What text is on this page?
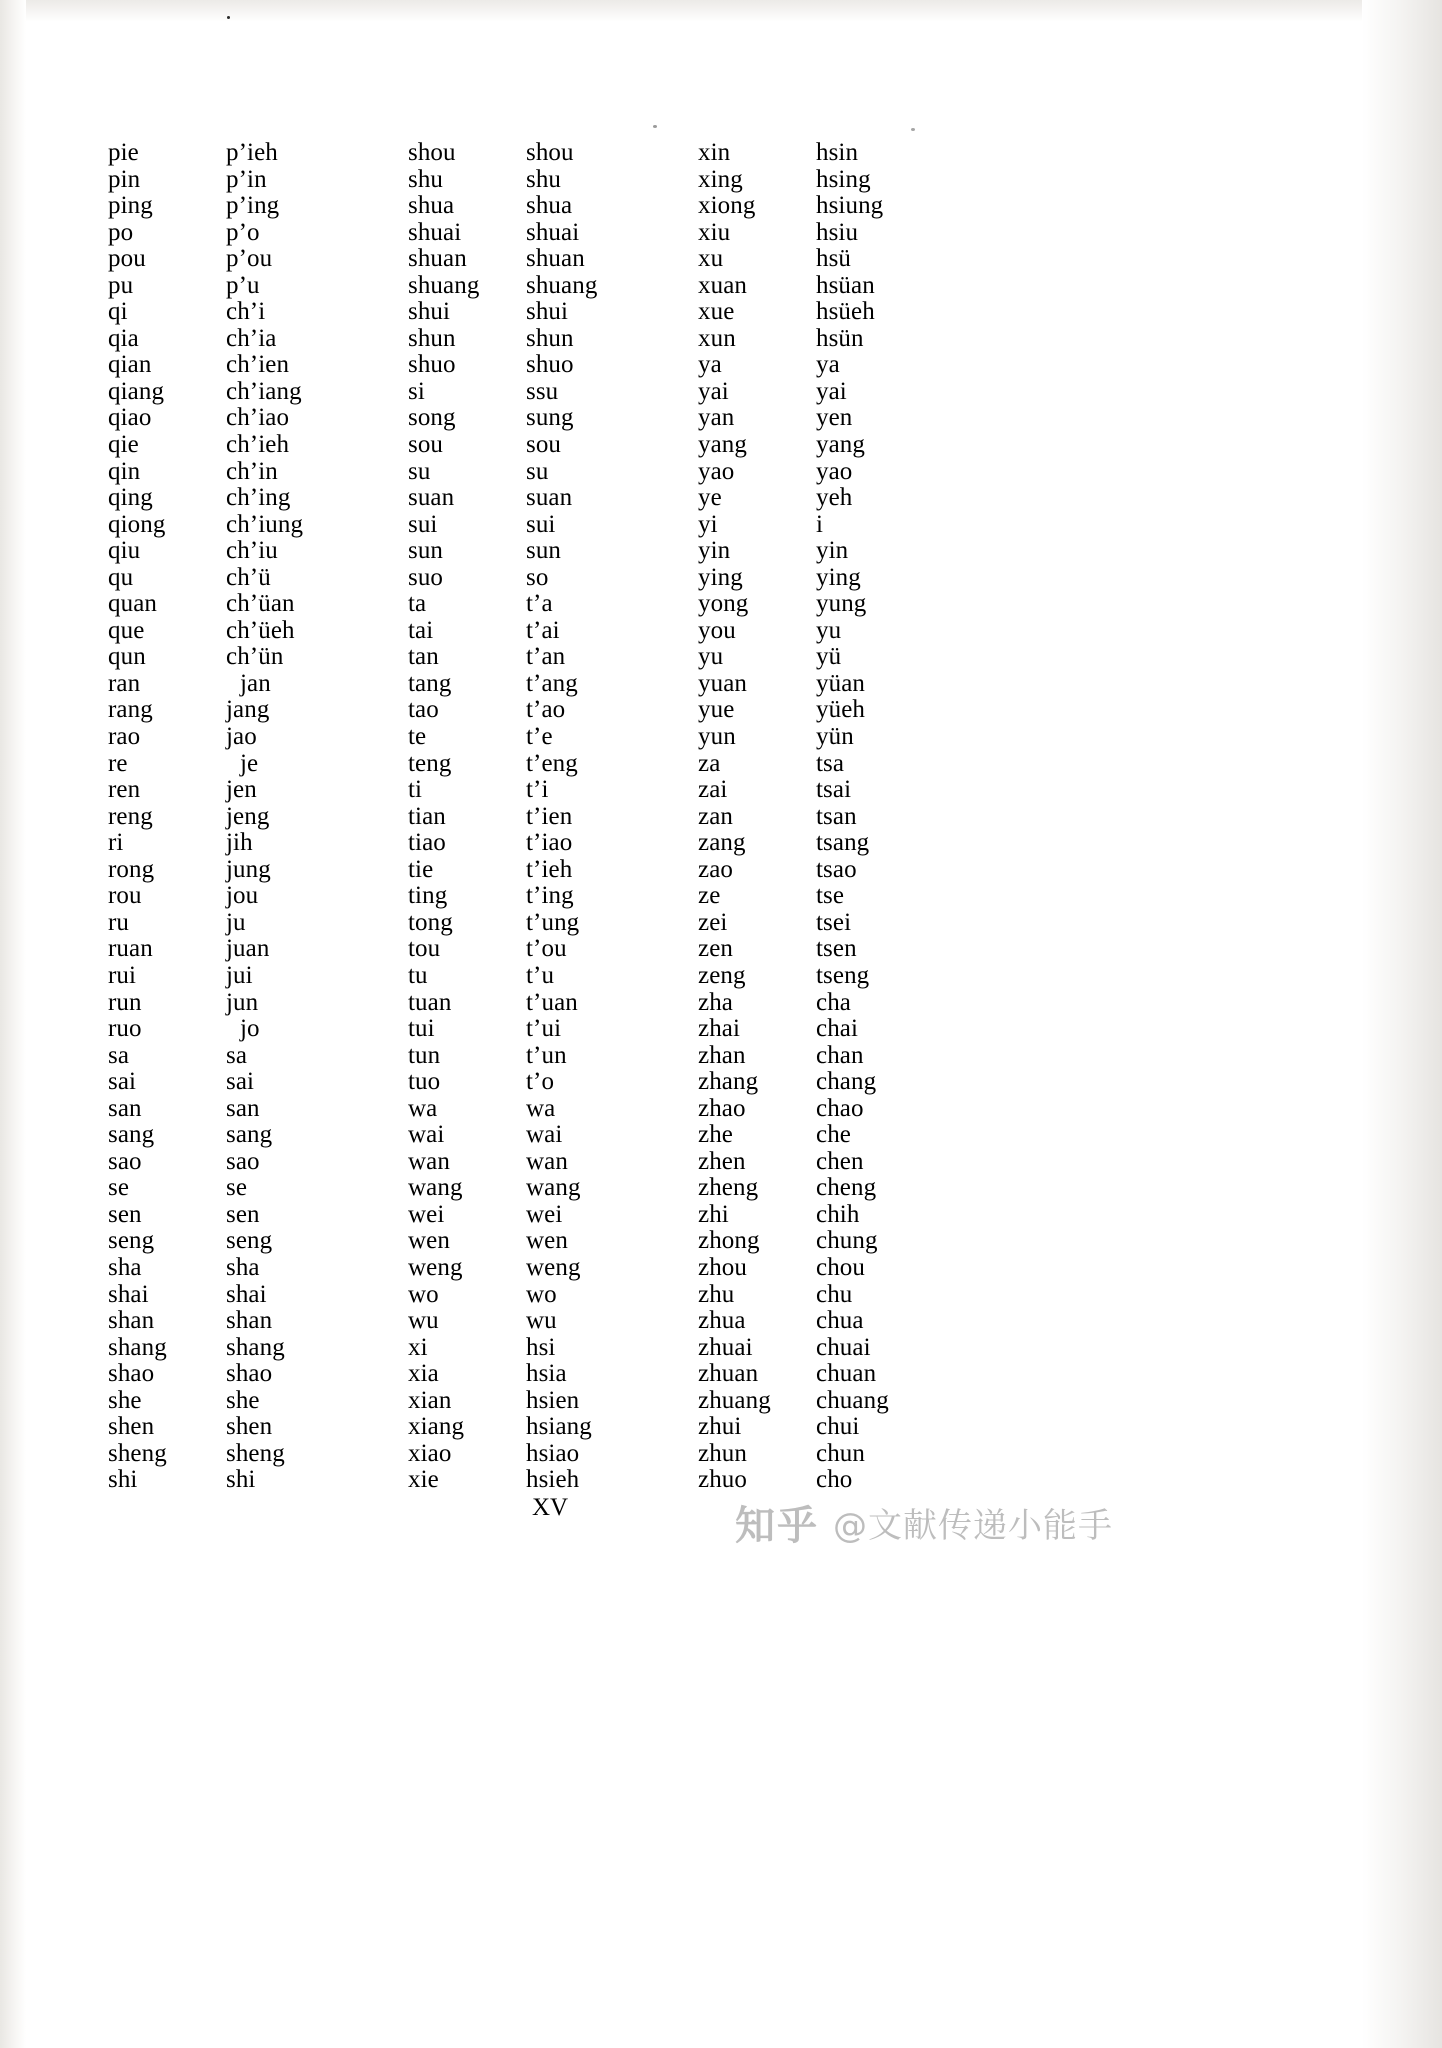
pie	p’ieh
pin	p’in
ping	p’ing
po	p’o
pou	p’ou
pu	p’u
qi	ch’i
qia	ch’ia
qian	ch’ien
qiang	ch’iang
qiao	ch’iao
qie	ch’ieh
qin	ch’in
qing	ch’ing
qiong	ch’iung
qiu	ch’iu
qu	ch’ü
quan	ch’üan
que	ch’üeh
qun	ch’ün
ran	jan
rang	jang
rao	jao
re	je
ren	jen
reng	jeng
ri	jih
rong	jung
rou	jou
ru	ju
ruan	juan
rui	jui
run	jun
ruo	jo
sa	sa
sai	sai
san	san
sang	sang
sao	sao
se	se
sen	sen
seng	seng
sha	sha
shai	shai
shan	shan
shang	shang
shao	shao
she	she
shen	shen
sheng	sheng
shi	shi
shou	shou
shu	shu
shua	shua
shuai	shuai
shuan	shuan
shuang	shuang
shui	shui
shun	shun
shuo	shuo
si	ssu
song	sung
sou	sou
su	su
suan	suan
sui	sui
sun	sun
suo	so
ta	t’a
tai	t’ai
tan	t’an
tang	t’ang
tao	t’ao
te	t’e
teng	t’eng
ti	t’i
tian	t’ien
tiao	t’iao
tie	t’ieh
ting	t’ing
tong	t’ung
tou	t’ou
tu	t’u
tuan	t’uan
tui	t’ui
tun	t’un
tuo	t’o
wa	wa
wai	wai
wan	wan
wang	wang
wei	wei
wen	wen
weng	weng
wo	wo
wu	wu
xi	hsi
xia	hsia
xian	hsien
xiang	hsiang
xiao	hsiao
xie	hsieh
xin	hsin
xing	hsing
xiong	hsiung
xiu	hsiu
xu	hsü
xuan	hsüan
xue	hsüeh
xun	hsün
ya	ya
yai	yai
yan	yen
yang	yang
yao	yao
ye	yeh
yi	i
yin	yin
ying	ying
yong	yung
you	yu
yu	yü
yuan	yüan
yue	yüeh
yun	yün
za	tsa
zai	tsai
zan	tsan
zang	tsang
zao	tsao
ze	tse
zei	tsei
zen	tsen
zeng	tseng
zha	cha
zhai	chai
zhan	chan
zhang	chang
zhao	chao
zhe	che
zhen	chen
zheng	cheng
zhi	chih
zhong	chung
zhou	chou
zhu	chu
zhua	chua
zhuai	chuai
zhuan	chuan
zhuang	chuang
zhui	chui
zhun	chun
zhuo	cho
XV	知乎 @文献传递小能手
